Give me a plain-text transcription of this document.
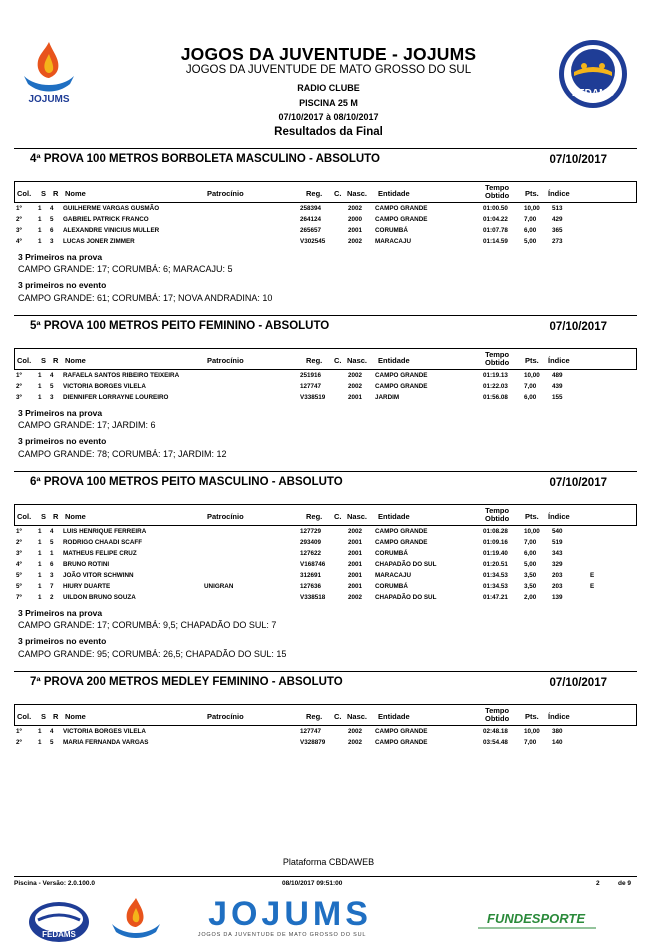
JOJUMS
JOGOS DA JUVENTUDE - JOJUMS
JOGOS DA JUVENTUDE DE MATO GROSSO DO SUL
RADIO CLUBE
PISCINA 25 M
07/10/2017 à 08/10/2017
Resultados da Final
FEDAMS
4ª PROVA 100 METROS BORBOLETA MASCULINO - ABSOLUTO	07/10/2017
Col. S R Nome	Patrocínio	Reg. C. Nasc. Entidade	Pts. Índice
Tempo
Obtido
1º	1 4 GUILHERME VARGAS GUSMÃO	258394	2002 CAMPO GRANDE	01:00.50	10,00 513
2º	1 5 GABRIEL PATRICK FRANCO	264124	2000 CAMPO GRANDE	01:04.22	7,00 429
3º	1 6 ALEXANDRE VINICIUS MULLER	265657	2001 CORUMBÁ	01:07.78	6,00 365
4º	1 3 LUCAS JONER ZIMMER	V302545	2002 MARACAJU	01:14.59	5,00 273
3 Primeiros na prova
CAMPO GRANDE: 17; CORUMBÁ: 6; MARACAJU: 5
3 primeiros no evento
CAMPO GRANDE: 61; CORUMBÁ: 17; NOVA ANDRADINA: 10
5ª PROVA 100 METROS PEITO FEMININO - ABSOLUTO	07/10/2017
Col. S R Nome	Patrocínio	Reg. C. Nasc. Entidade	Pts. Índice
Tempo
Obtido
1º	1 4 RAFAELA SANTOS RIBEIRO TEIXEIRA	251916	2002 CAMPO GRANDE	01:19.13	10,00 489
2º	1 5 VICTORIA BORGES VILELA	127747	2002 CAMPO GRANDE	01:22.03	7,00 439
3º	1 3 DIENNIFER LORRAYNE LOUREIRO	V338519	2001 JARDIM	01:56.08	6,00 155
3 Primeiros na prova
CAMPO GRANDE: 17; JARDIM: 6
3 primeiros no evento
CAMPO GRANDE: 78; CORUMBÁ: 17; JARDIM: 12
6ª PROVA 100 METROS PEITO MASCULINO - ABSOLUTO	07/10/2017
Col. S R Nome	Patrocínio	Reg. C. Nasc. Entidade	Pts. Índice
Tempo
Obtido
1º	1 4 LUIS HENRIQUE FERREIRA	127729	2002 CAMPO GRANDE	01:08.28	10,00 540
2º	1 5 RODRIGO CHAADI SCAFF	293409	2001 CAMPO GRANDE	01:09.16	7,00 519
3º	1 1 MATHEUS FELIPE CRUZ	127622	2001 CORUMBÁ	01:19.40	6,00 343
4º	1 6 BRUNO ROTINI	V168746	2001 CHAPADÃO DO SUL	01:20.51	5,00 329
5º	1 3 JOÃO VITOR SCHWINN	312691	2001 MARACAJU	01:34.53	3,50 203	E
5º	1 7 HIURY DUARTE	UNIGRAN	127636	2001 CORUMBÁ	01:34.53	3,50 203	E
7º	1 2 UILDON BRUNO SOUZA	V338518	2002 CHAPADÃO DO SUL	01:47.21	2,00 139
3 Primeiros na prova
CAMPO GRANDE: 17; CORUMBÁ: 9,5; CHAPADÃO DO SUL: 7
3 primeiros no evento
CAMPO GRANDE: 95; CORUMBÁ: 26,5; CHAPADÃO DO SUL: 15
7ª PROVA 200 METROS MEDLEY FEMININO - ABSOLUTO	07/10/2017
Col. S R Nome	Patrocínio	Reg. C. Nasc. Entidade	Pts. Índice
Tempo
Obtido
1º	1 4 VICTORIA BORGES VILELA	127747	2002 CAMPO GRANDE	02:48.18	10,00 380
2º	1 5 MARIA FERNANDA VARGAS	V328879	2002 CAMPO GRANDE	03:54.48	7,00 140
Plataforma CBDAWEB
Piscina - Versão: 2.0.100.0	08/10/2017 09:51:00	2	de 9
FEDAMS
JOJUMS
JOGOS DA JUVENTUDE DE MATO GROSSO DO SUL
FUNDESPORTE
